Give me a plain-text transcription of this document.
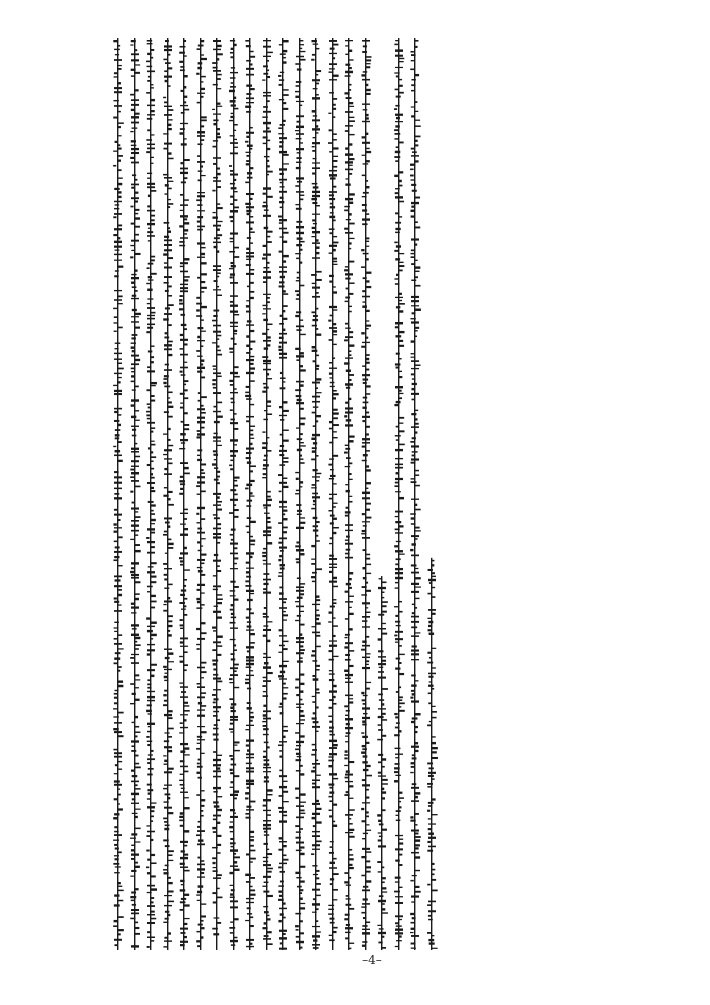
–4–
